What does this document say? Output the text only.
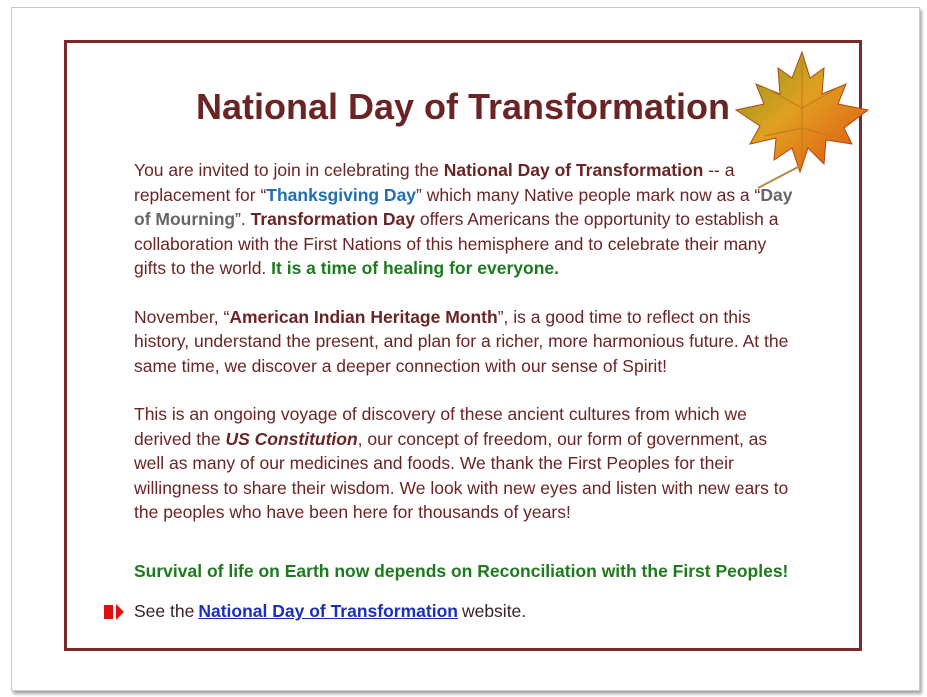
National Day of Transformation

You are invited to join in celebrating the National Day of Transformation -- a replacement for “Thanksgiving Day” which many Native people mark now as a “Day of Mourning”. Transformation Day offers Americans the opportunity to establish a collaboration with the First Nations of this hemisphere and to celebrate their many gifts to the world. It is a time of healing for everyone.

November, “American Indian Heritage Month”, is a good time to reflect on this history, understand the present, and plan for a richer, more harmonious future. At the same time, we discover a deeper connection with our sense of Spirit!

This is an ongoing voyage of discovery of these ancient cultures from which we derived the US Constitution, our concept of freedom, our form of government, as well as many of our medicines and foods. We thank the First Peoples for their willingness to share their wisdom. We look with new eyes and listen with new ears to the peoples who have been here for thousands of years!

Survival of life on Earth now depends on Reconciliation with the First Peoples!

See the National Day of Transformation website.
